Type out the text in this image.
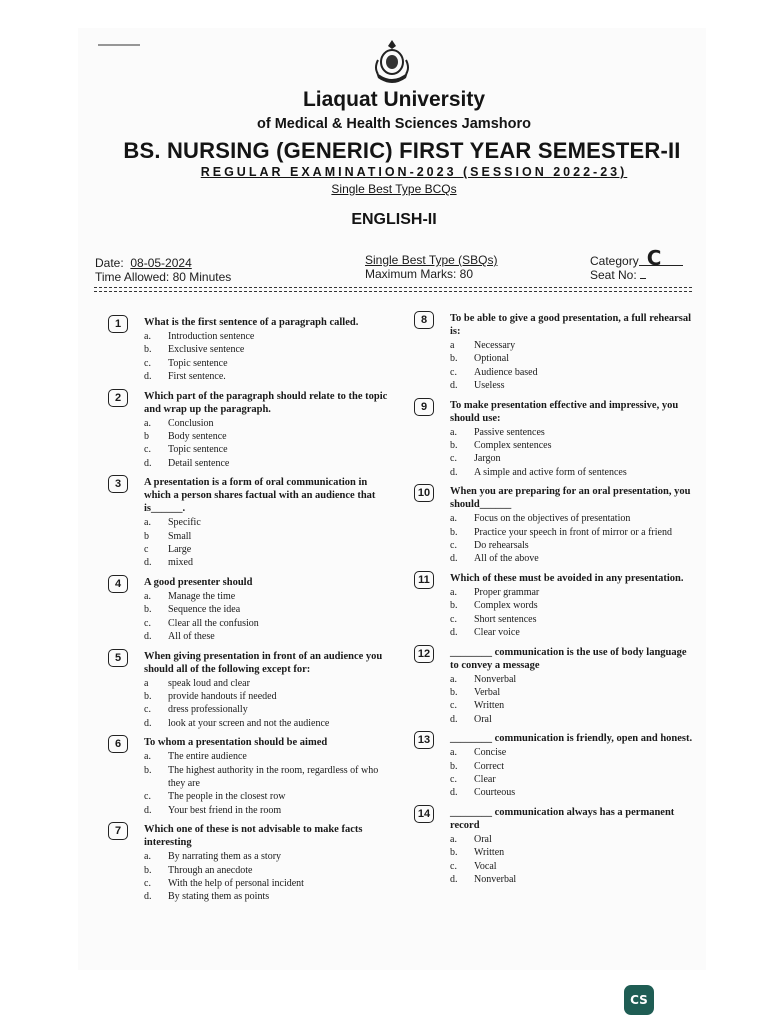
Liaquat University
of Medical & Health Sciences Jamshoro
BS. NURSING (GENERIC) FIRST YEAR SEMESTER-II
REGULAR EXAMINATION-2023 (SESSION 2022-23)
Single Best Type BCQs
ENGLISH-II
Date: 08-05-2024
Time Allowed: 80 Minutes
Single Best Type (SBQs)
Maximum Marks: 80
Category C
Seat No:
1	What is the first sentence of a paragraph called.
a.	Introduction sentence
b.	Exclusive sentence
c.	Topic sentence
d.	First sentence.
2	Which part of the paragraph should relate to the topic and wrap up the paragraph.
a.	Conclusion
b	Body sentence
c.	Topic sentence
d.	Detail sentence
3	A presentation is a form of oral communication in which a person shares factual with an audience that is______.
a.	Specific
b	Small
c	Large
d.	mixed
4	A good presenter should
a.	Manage the time
b.	Sequence the idea
c.	Clear all the confusion
d.	All of these
5	When giving presentation in front of an audience you should all of the following except for:
a	speak loud and clear
b.	provide handouts if needed
c.	dress professionally
d.	look at your screen and not the audience
6	To whom a presentation should be aimed
a.	The entire audience
b.	The highest authority in the room, regardless of who they are
c.	The people in the closest row
d.	Your best friend in the room
7	Which one of these is not advisable to make facts interesting
a.	By narrating them as a story
b.	Through an anecdote
c.	With the help of personal incident
d.	By stating them as points
8	To be able to give a good presentation, a full rehearsal is:
a	Necessary
b.	Optional
c.	Audience based
d.	Useless
9	To make presentation effective and impressive, you should use:
a.	Passive sentences
b.	Complex sentences
c.	Jargon
d.	A simple and active form of sentences
10	When you are preparing for an oral presentation, you should______
a.	Focus on the objectives of presentation
b.	Practice your speech in front of mirror or a friend
c.	Do rehearsals
d.	All of the above
11	Which of these must be avoided in any presentation.
a.	Proper grammar
b.	Complex words
c.	Short sentences
d.	Clear voice
12	________ communication is the use of body language to convey a message
a.	Nonverbal
b.	Verbal
c.	Written
d.	Oral
13	________ communication is friendly, open and honest.
a.	Concise
b.	Correct
c.	Clear
d.	Courteous
14	________ communication always has a permanent record
a.	Oral
b.	Written
c.	Vocal
d.	Nonverbal
CS
